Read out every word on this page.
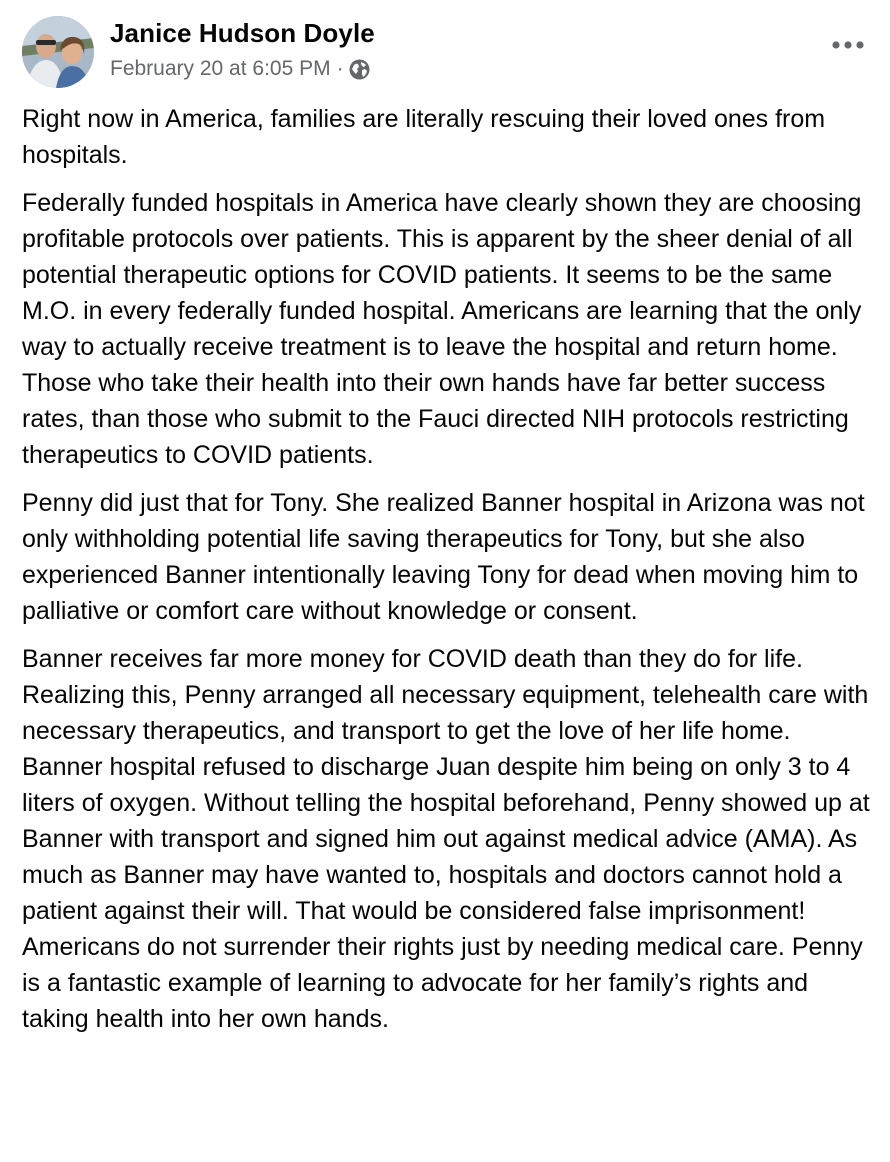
Janice Hudson Doyle
February 20 at 6:05 PM ·

Right now in America, families are literally rescuing their loved ones from hospitals.

Federally funded hospitals in America have clearly shown they are choosing profitable protocols over patients. This is apparent by the sheer denial of all potential therapeutic options for COVID patients. It seems to be the same M.O. in every federally funded hospital. Americans are learning that the only way to actually receive treatment is to leave the hospital and return home. Those who take their health into their own hands have far better success rates, than those who submit to the Fauci directed NIH protocols restricting therapeutics to COVID patients.

Penny did just that for Tony. She realized Banner hospital in Arizona was not only withholding potential life saving therapeutics for Tony, but she also experienced Banner intentionally leaving Tony for dead when moving him to palliative or comfort care without knowledge or consent.

Banner receives far more money for COVID death than they do for life. Realizing this, Penny arranged all necessary equipment, telehealth care with necessary therapeutics, and transport to get the love of her life home. Banner hospital refused to discharge Juan despite him being on only 3 to 4 liters of oxygen. Without telling the hospital beforehand, Penny showed up at Banner with transport and signed him out against medical advice (AMA). As much as Banner may have wanted to, hospitals and doctors cannot hold a patient against their will. That would be considered false imprisonment! Americans do not surrender their rights just by needing medical care. Penny is a fantastic example of learning to advocate for her family’s rights and taking health into her own hands.
